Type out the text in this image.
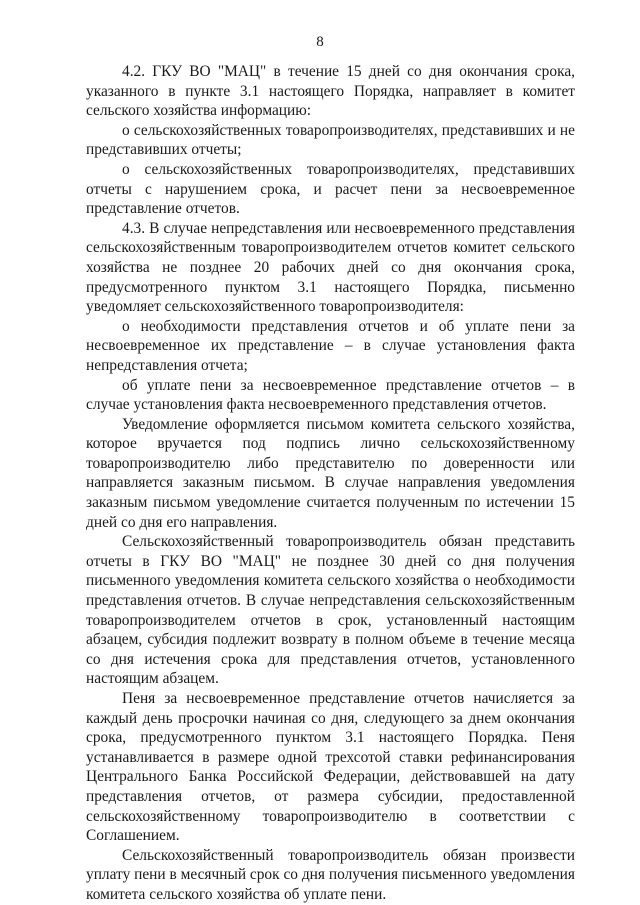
8

4.2. ГКУ ВО "МАЦ" в течение 15 дней со дня окончания срока, указанного в пункте 3.1 настоящего Порядка, направляет в комитет сельского хозяйства информацию:

о сельскохозяйственных товаропроизводителях, представивших и не представивших отчеты;

о сельскохозяйственных товаропроизводителях, представивших отчеты с нарушением срока, и расчет пени за несвоевременное представление отчетов.

4.3. В случае непредставления или несвоевременного представления сельскохозяйственным товаропроизводителем отчетов комитет сельского хозяйства не позднее 20 рабочих дней со дня окончания срока, предусмотренного пунктом 3.1 настоящего Порядка, письменно уведомляет сельскохозяйственного товаропроизводителя:

о необходимости представления отчетов и об уплате пени за несвоевременное их представление – в случае установления факта непредставления отчета;

об уплате пени за несвоевременное представление отчетов – в случае установления факта несвоевременного представления отчетов.

Уведомление оформляется письмом комитета сельского хозяйства, которое вручается под подпись лично сельскохозяйственному товаропроизводителю либо представителю по доверенности или направляется заказным письмом. В случае направления уведомления заказным письмом уведомление считается полученным по истечении 15 дней со дня его направления.

Сельскохозяйственный товаропроизводитель обязан представить отчеты в ГКУ ВО "МАЦ" не позднее 30 дней со дня получения письменного уведомления комитета сельского хозяйства о необходимости представления отчетов. В случае непредставления сельскохозяйственным товаропроизводителем отчетов в срок, установленный настоящим абзацем, субсидия подлежит возврату в полном объеме в течение месяца со дня истечения срока для представления отчетов, установленного настоящим абзацем.

Пеня за несвоевременное представление отчетов начисляется за каждый день просрочки начиная со дня, следующего за днем окончания срока, предусмотренного пунктом 3.1 настоящего Порядка. Пеня устанавливается в размере одной трехсотой ставки рефинансирования Центрального Банка Российской Федерации, действовавшей на дату представления отчетов, от размера субсидии, предоставленной сельскохозяйственному товаропроизводителю в соответствии с Соглашением.

Сельскохозяйственный товаропроизводитель обязан произвести уплату пени в месячный срок со дня получения письменного уведомления комитета сельского хозяйства об уплате пени.
